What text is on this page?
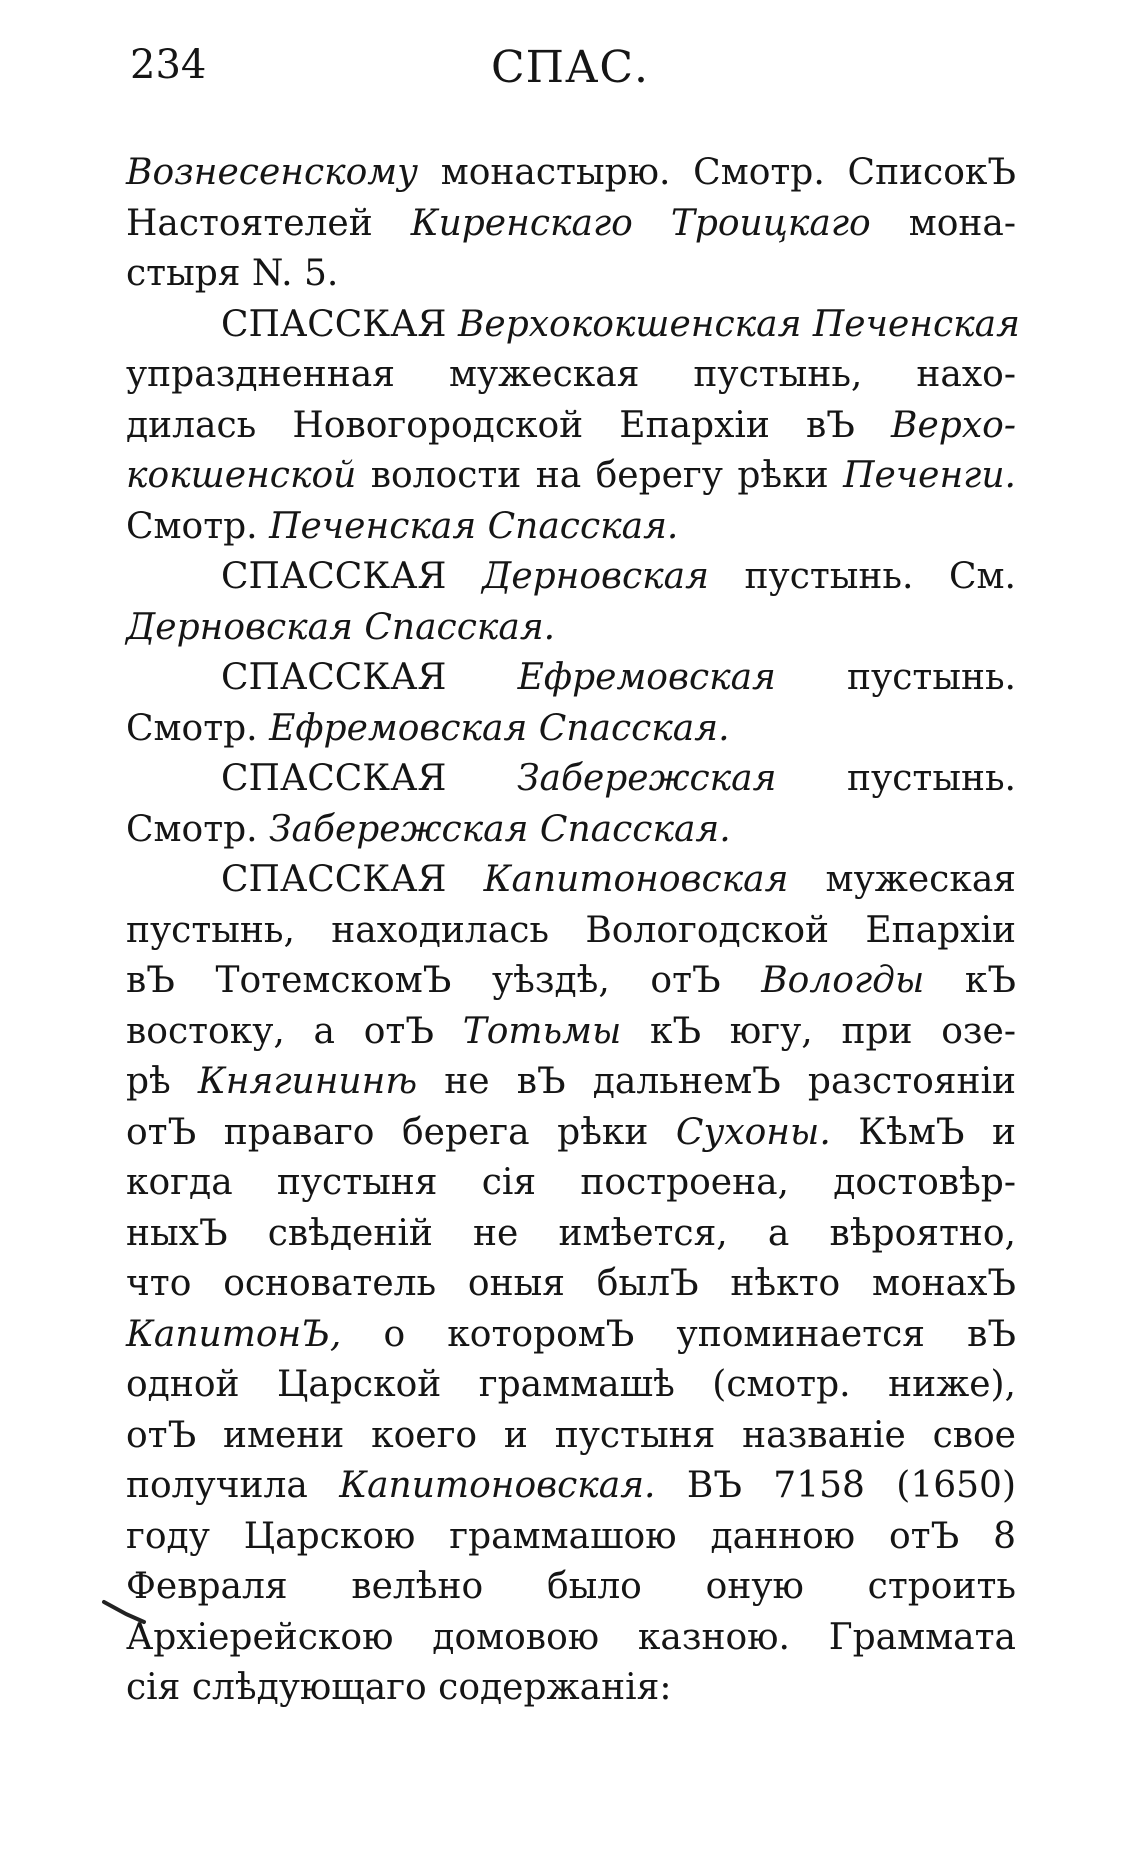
234	СПАС.
Вознесенскому монастырю. Смотр. СписокЪ
Настоятелей Киренскаго Троицкаго мона-
стыря N. 5.
СПАССКАЯ Верхококшенская Печенская
упраздненная мужеская пустынь, нахо-
дилась Новогородской Епархіи вЪ Верхо-
кокшенской волости на берегу рѣки Печенги.
Смотр. Печенская Спасская.
СПАССКАЯ Дерновская пустынь. См.
Дерновская Спасская.
СПАССКАЯ Ефремовская пустынь.
Смотр. Ефремовская Спасская.
СПАССКАЯ Забережская пустынь.
Смотр. Забережская Спасская.
СПАССКАЯ Капитоновская мужеская
пустынь, находилась Вологодской Епархіи
вЪ ТотемскомЪ уѣздѣ, отЪ Вологды кЪ
востоку, а отЪ Тотьмы кЪ югу, при озе-
рѣ Княгининѣ не вЪ дальнемЪ разстояніи
отЪ праваго берега рѣки Сухоны. КѣмЪ и
когда пустыня сія построена, достовѣр-
ныхЪ свѣденій не имѣется, а вѣроятно,
что основатель оныя былЪ нѣкто монахЪ
КапитонЪ, о которомЪ упоминается вЪ
одной Царской граммашѣ (смотр. ниже),
отЪ имени коего и пустыня названіе свое
получила Капитоновская. ВЪ 7158 (1650)
году Царскою граммашою данною отЪ 8
Февраля велѣно было оную строить
Архіерейскою домовою казною. Граммата
сія слѣдующаго содержанія:
